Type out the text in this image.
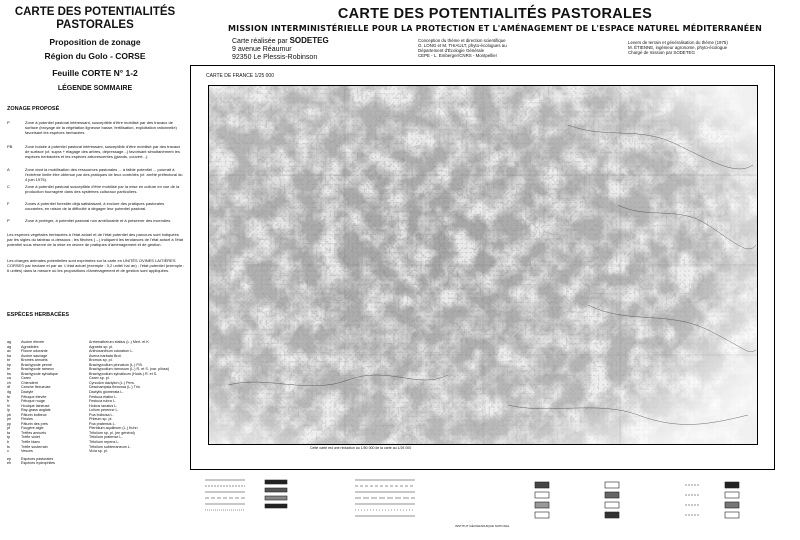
CARTE DES POTENTIALITÉS PASTORALES
Proposition de zonage
Région du Golo - CORSE
Feuille CORTE N° 1-2
LÉGENDE SOMMAIRE
ZONAGE PROPOSÉ
P	Zone à potentiel pastoral intéressant, susceptible d'être mobilisé par des travaux de surface (broyage de la végétation ligneuse basse, fertilisation, exploitation rationnelle) favorisant les espèces herbacées.
PB	Zone boisée à potentiel pastoral intéressant, susceptible d'être mobilisé par des travaux de surface (cf. supra + élagage des arbres, dépressage...) favorisant simultanément les espèces herbacées et les espèces arborescentes (glands, couvert...).
A	Zone dont la mobilisation des ressources pastorales ... à faible potentiel ... pourrait à l'extrême limite être obtenue par des pratiques de feux contrôlés (cf. arrêté préfectoral du 4 juin 1975).
C	Zone à potentiel pastoral susceptible d'être mobilisé par la mise en culture en vue de la production fourragère dans des systèmes culturaux particuliers.
F	Zones à potentiel forestier déjà satisfaisant, à exclure des pratiques pastorales courantes, en raison de la difficulté à dégager leur potentiel pastoral.
P	Zone à protéger, à potentiel pastoral non améliorable et à préserver des incendies.
Les espèces végétales herbacées à l'état actuel et de l'état potentiel des parcours sont indiquées par les sigles du tableau ci-dessous ; les flèches (→) indiquent les tendances de l'état actuel à l'état potentiel sous réserve de la mise en œuvre de pratiques d'aménagement et de gestion.
Les charges animales potentielles sont exprimées sur la carte en UNITÉS OVINES LAITIÈRES CORSES par hectare et par an. L'état actuel (exemple : 0,2 unité/ ha/ an) ; l'état potentiel (exemple : 6 unités) dans la mesure où les propositions d'aménagement et de gestion sont appliquées.
ESPÈCES HERBACÉES
ag	Avoine élevée	Arrhenatherum elatius (L.) Mert. et K.
ag	Agrostides	Agrostis sp. pl.
av	Flouve odorante	Anthoxanthum odoratum L.
ba	Avoine sauvage	Avena barbata Brot.
br	Bromes annuels	Bromus sp. pl.
bp	Brachypode penné	Brachypodium pinnatum (L.) P.B.
br	Brachypode rameux	Brachypodium ramosum (L.) R. et S. (var. pilosa)
bs	Brachypode sylvatique	Brachypodium sylvaticum (Huds.) R. et S.
ca	Carex	Carex sp. pl.
ch	Chiendent	Cynodon dactylon (L.) Pers.
df	Canche flexueuse	Deschampsia flexuosa (L.) Trin.
dg	Dactyle	Dactylis glomerata L.
fe	Fétuque élevée	Festuca elatior L.
fr	Fétuque rouge	Festuca rubra L.
hl	Houlque laineuse	Holcus lanatus L.
lp	Ray-grass anglais	Lolium perenne L.
pb	Pâturin bulbeux	Poa bulbosa L.
ph	Fléoles	Phleum sp. pl.
pp	Pâturin des prés	Poa pratensis L.
pt	Fougère aigle	Pteridium aquilinum (L.) Kuhn
ta	Trèfles annuels	Trifolium sp. pl. (en général)
tp	Trèfle violet	Trifolium pratense L.
tr	Trèfle blanc	Trifolium repens L.
ts	Trèfle souterrain	Trifolium subterraneum L.
v	Vesces	Vicia sp. pl.
ep	Espèces pastorales
eh	Espèces hydrophiles
CARTE DES POTENTIALITÉS PASTORALES
MISSION INTERMINISTÉRIELLE POUR LA PROTECTION ET L'AMÉNAGEMENT DE L'ESPACE NATUREL MÉDITERRANÉEN
Carte réalisée par SODETEG
9 avenue Réaumur
92350 Le Plessis-Robinson
Conception du thème et direction scientifique
G. LONG et M. THIAULT, phyto-écologues au
Département d'Écologie Générale
CEPE - L. Emberger/CNRS - Montpellier
Levers de terrain et généralisation du thème (1975)
M. ÉTIENNE, ingénieur agronome, phyto-écologue
Chargé de mission par SODETEG
CARTE DE FRANCE 1/25 000
Cette carte est une réduction au 1/50 000 de la carte au 1/25 000
INSTITUT GÉOGRAPHIQUE NATIONAL
